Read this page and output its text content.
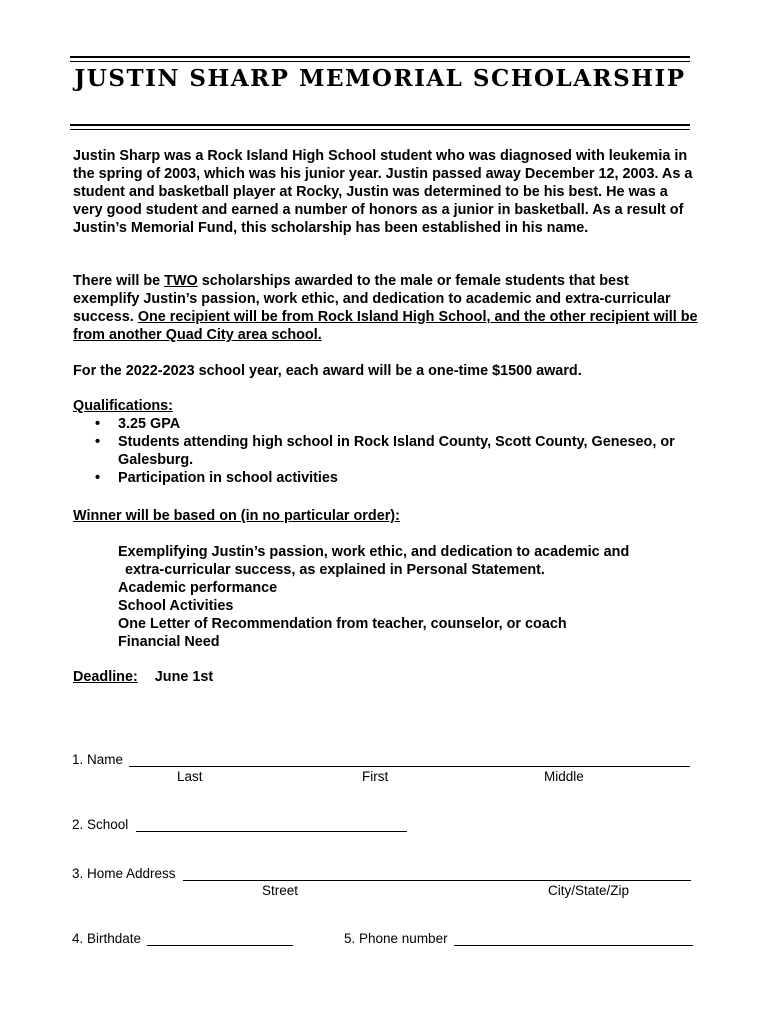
JUSTIN SHARP MEMORIAL SCHOLARSHIP
Justin Sharp was a Rock Island High School student who was diagnosed with leukemia in the spring of 2003, which was his junior year. Justin passed away December 12, 2003. As a student and basketball player at Rocky, Justin was determined to be his best. He was a very good student and earned a number of honors as a junior in basketball. As a result of Justin’s Memorial Fund, this scholarship has been established in his name.
There will be TWO scholarships awarded to the male or female students that best exemplify Justin’s passion, work ethic, and dedication to academic and extra-curricular success. One recipient will be from Rock Island High School, and the other recipient will be from another Quad City area school.
For the 2022-2023 school year, each award will be a one-time $1500 award.
Qualifications:
• 3.25 GPA
• Students attending high school in Rock Island County, Scott County, Geneseo, or Galesburg.
• Participation in school activities
Winner will be based on (in no particular order):
Exemplifying Justin’s passion, work ethic, and dedication to academic and
extra-curricular success, as explained in Personal Statement.
Academic performance
School Activities
One Letter of Recommendation from teacher, counselor, or coach
Financial Need
Deadline: June 1st
1. Name
Last	First	Middle
2. School
3. Home Address
Street	City/State/Zip
4. Birthdate	5. Phone number
